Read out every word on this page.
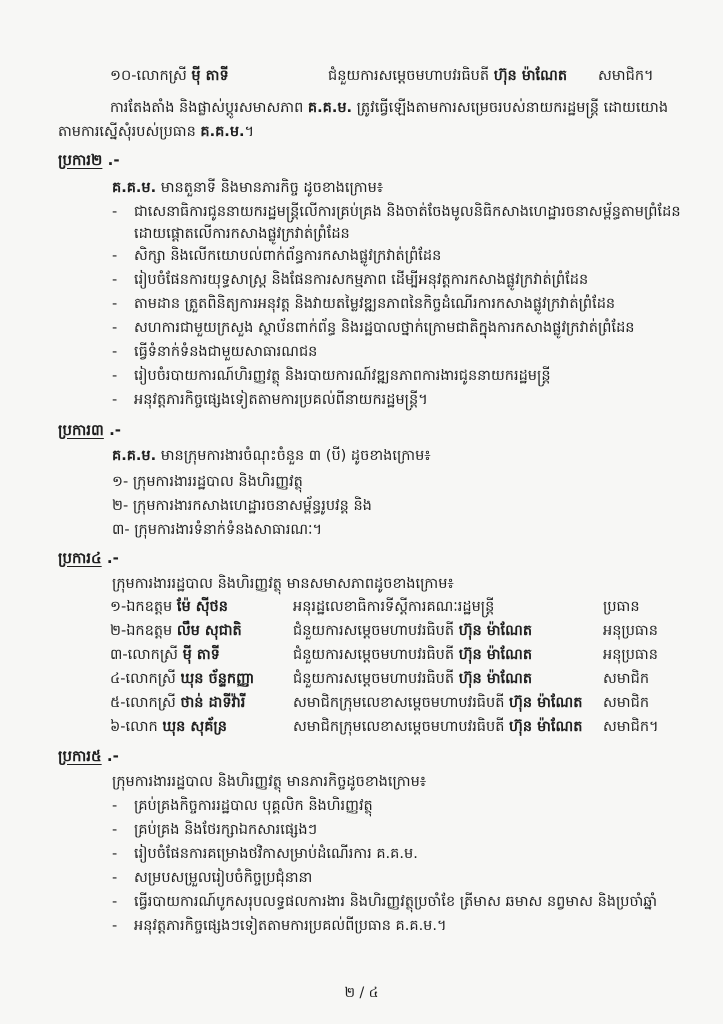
១០-លោកស្រី ម៉ី តាទី	ជំនួយការសម្ដេចមហាបវរធិបតី ហ៊ុន ម៉ាណែត សមាជិក។
ការតែងតាំង និងផ្លាស់ប្ដូរសមាសភាព គ.គ.ម. ត្រូវធ្វើឡើងតាមការសម្រេចរបស់នាយករដ្ឋមន្ត្រី ដោយយោង
តាមការស្នើសុំរបស់ប្រធាន គ.គ.ម.។
ប្រការ២ .-
គ.គ.ម. មានតួនាទី និងមានភារកិច្ច ដូចខាងក្រោម៖
- ជាសេនាធិការជូននាយករដ្ឋមន្ត្រីលើការគ្រប់គ្រង និងចាត់ចែងមូលនិធិកសាងហេដ្ឋារចនាសម្ព័ន្ធតាមព្រំដែន
ដោយផ្ដោតលើការកសាងផ្លូវក្រវាត់ព្រំដែន
- សិក្សា និងលើកយោបល់ពាក់ព័ន្ធការកសាងផ្លូវក្រវាត់ព្រំដែន
- រៀបចំផែនការយុទ្ធសាស្ត្រ និងផែនការសកម្មភាព ដើម្បីអនុវត្តការកសាងផ្លូវក្រវាត់ព្រំដែន
- តាមដាន ត្រួតពិនិត្យការអនុវត្ត និងវាយតម្លៃវឌ្ឍនភាពនៃកិច្ចដំណើរការកសាងផ្លូវក្រវាត់ព្រំដែន
- សហការជាមួយក្រសួង ស្ថាប័នពាក់ព័ន្ធ និងរដ្ឋបាលថ្នាក់ក្រោមជាតិក្នុងការកសាងផ្លូវក្រវាត់ព្រំដែន
- ធ្វើទំនាក់ទំនងជាមួយសាធារណជន
- រៀបចំរបាយការណ៍ហិរញ្ញវត្ថុ និងរបាយការណ៍វឌ្ឍនភាពការងារជូននាយករដ្ឋមន្ត្រី
- អនុវត្តភារកិច្ចផ្សេងទៀតតាមការប្រគល់ពីនាយករដ្ឋមន្ត្រី។
ប្រការ៣ .-
គ.គ.ម. មានក្រុមការងារចំណុះចំនួន ៣ (បី) ដូចខាងក្រោម៖
១- ក្រុមការងាររដ្ឋបាល និងហិរញ្ញវត្ថុ
២- ក្រុមការងារកសាងហេដ្ឋារចនាសម្ព័ន្ធរូបវន្ត និង
៣- ក្រុមការងារទំនាក់ទំនងសាធារណៈ។
ប្រការ៤ .-
ក្រុមការងាររដ្ឋបាល និងហិរញ្ញវត្ថុ មានសមាសភាពដូចខាងក្រោម៖
១-ឯកឧត្តម ម៉ែ ស៊ីថន	អនុរដ្ឋលេខាធិការទីស្ដីការគណៈរដ្ឋមន្ត្រី	ប្រធាន
២-ឯកឧត្តម លឹម សុជាតិ	ជំនួយការសម្ដេចមហាបវរធិបតី ហ៊ុន ម៉ាណែត	អនុប្រធាន
៣-លោកស្រី ម៉ី តាទី	ជំនួយការសម្ដេចមហាបវរធិបតី ហ៊ុន ម៉ាណែត	អនុប្រធាន
៤-លោកស្រី ឃុន ច័ន្ទកញ្ញា	ជំនួយការសម្ដេចមហាបវរធិបតី ហ៊ុន ម៉ាណែត	សមាជិក
៥-លោកស្រី ថាន់ ដាទីវ៉ារី	សមាជិកក្រុមលេខាសម្ដេចមហាបវរធិបតី ហ៊ុន ម៉ាណែត សមាជិក
៦-លោក ឃុន សុគ័ន្រ	សមាជិកក្រុមលេខាសម្ដេចមហាបវរធិបតី ហ៊ុន ម៉ាណែត សមាជិក។
ប្រការ៥ .-
ក្រុមការងាររដ្ឋបាល និងហិរញ្ញវត្ថុ មានភារកិច្ចដូចខាងក្រោម៖
- គ្រប់គ្រងកិច្ចការរដ្ឋបាល បុគ្គលិក និងហិរញ្ញវត្ថុ
- គ្រប់គ្រង និងថែរក្សាឯកសារផ្សេងៗ
- រៀបចំផែនការគម្រោងថវិកាសម្រាប់ដំណើរការ គ.គ.ម.
- សម្របសម្រួលរៀបចំកិច្ចប្រជុំនានា
- ធ្វើរបាយការណ៍បូកសរុបលទ្ធផលការងារ និងហិរញ្ញវត្ថុប្រចាំខែ ត្រីមាស ឆមាស នព្វមាស និងប្រចាំឆ្នាំ
- អនុវត្តភារកិច្ចផ្សេងៗទៀតតាមការប្រគល់ពីប្រធាន គ.គ.ម.។
២ / ៤
